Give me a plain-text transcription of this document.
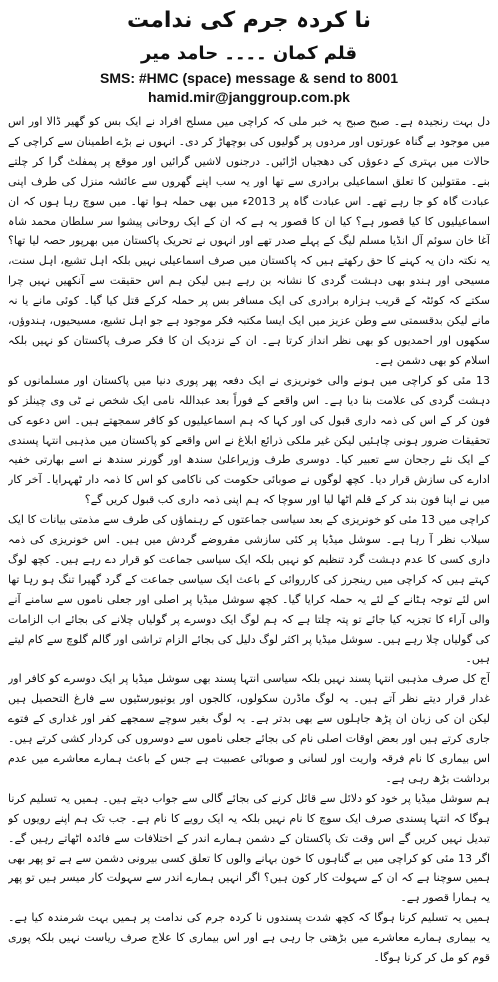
نا کردہ جرم کی ندامت
قلم کمان ۔۔۔۔ حامد میر
SMS: #HMC (space) message & send to 8001
hamid.mir@janggroup.com.pk

دل بہت رنجیدہ ہے۔ صبح صبح یہ خبر ملی کہ کراچی میں مسلح افراد نے ایک بس کو گھیر ڈالا اور اس میں موجود بے گناہ عورتوں اور مردوں پر گولیوں کی بوچھاڑ کر دی۔ انہوں نے بڑے اطمینان سے کراچی کے حالات میں بہتری کے دعوؤں کی دھجیاں اڑائیں۔ درجنوں لاشیں گرائیں اور موقع پر پمفلٹ گرا کر چلتے بنے۔ مقتولین کا تعلق اسماعیلی برادری سے تھا اور یہ سب اپنے گھروں سے عائشہ منزل کی طرف اپنی عبادت گاہ کو جا رہے تھے۔ اس عبادت گاہ پر 2013ء میں بھی حملہ ہوا تھا۔ میں سوچ رہا ہوں کہ ان اسماعیلیوں کا کیا قصور ہے؟ کیا ان کا قصور یہ ہے کہ ان کے ایک روحانی پیشوا سر سلطان محمد شاہ آغا خان سوئم آل انڈیا مسلم لیگ کے پہلے صدر تھے اور انہوں نے تحریک پاکستان میں بھرپور حصہ لیا تھا؟ یہ نکتہ دان یہ کہنے کا حق رکھتے ہیں کہ پاکستان میں صرف اسماعیلی نہیں بلکہ اہل تشیع، اہل سنت، مسیحی اور ہندو بھی دہشت گردی کا نشانہ بن رہے ہیں لیکن ہم اس حقیقت سے آنکھیں نہیں چرا سکتے کہ کوئٹہ کے قریب ہزارہ برادری کی ایک مسافر بس پر حملہ کرکے قتل کیا گیا۔ کوئی مانے یا نہ مانے لیکن بدقسمتی سے وطن عزیز میں ایک ایسا مکتبہ فکر موجود ہے جو اہل تشیع، مسیحیوں، ہندوؤں، سکھوں اور احمدیوں کو بھی نظر انداز کرتا ہے۔ ان کے نزدیک ان کا فکر صرف پاکستان کو نہیں بلکہ اسلام کو بھی دشمن ہے۔

13 مئی کو کراچی میں ہونے والی خونریزی نے ایک دفعہ پھر پوری دنیا میں پاکستان اور مسلمانوں کو دہشت گردی کی علامت بنا دیا ہے۔ اس واقعے کے فوراً بعد عبداللہ نامی ایک شخص نے ٹی وی چینلز کو فون کر کے اس کی ذمہ داری قبول کی اور کہا کہ ہم اسماعیلیوں کو کافر سمجھتے ہیں۔ اس دعوے کی تحقیقات ضرور ہونی چاہئیں لیکن غیر ملکی ذرائع ابلاغ نے اس واقعے کو پاکستان میں مذہبی انتہا پسندی کے ایک نئے رجحان سے تعبیر کیا۔ دوسری طرف وزیراعلیٰ سندھ اور گورنر سندھ نے اسے بھارتی خفیہ ادارے کی سازش قرار دیا۔ کچھ لوگوں نے صوبائی حکومت کی ناکامی کو اس کا ذمہ دار ٹھہرایا۔ آخر کار میں نے اپنا فون بند کر کے قلم اٹھا لیا اور سوچا کہ ہم اپنی ذمہ داری کب قبول کریں گے؟

کراچی میں 13 مئی کو خونریزی کے بعد سیاسی جماعتوں کے رہنماؤں کی طرف سے مذمتی بیانات کا ایک سیلاب نظر آ رہا ہے۔ سوشل میڈیا پر کئی سازشی مفروضے گردش میں ہیں۔ اس خونریزی کی ذمہ داری کسی کا عدم دہشت گرد تنظیم کو نہیں بلکہ ایک سیاسی جماعت کو قرار دے رہے ہیں۔ کچھ لوگ کہتے ہیں کہ کراچی میں رینجرز کی کارروائی کے باعث ایک سیاسی جماعت کے گرد گھیرا تنگ ہو رہا تھا اس لئے توجہ ہٹانے کے لئے یہ حملہ کرایا گیا۔ کچھ سوشل میڈیا پر اصلی اور جعلی ناموں سے سامنے آنے والی آراء کا تجزیہ کیا جائے تو پتہ چلتا ہے کہ ہم لوگ ایک دوسرے پر گولیاں چلانے کی بجائے اب الزامات کی گولیاں چلا رہے ہیں۔ سوشل میڈیا پر اکثر لوگ دلیل کی بجائے الزام تراشی اور گالم گلوچ سے کام لیتے ہیں۔

آج کل صرف مذہبی انتہا پسند نہیں بلکہ سیاسی انتہا پسند بھی سوشل میڈیا پر ایک دوسرے کو کافر اور غدار قرار دیتے نظر آتے ہیں۔ یہ لوگ ماڈرن سکولوں، کالجوں اور یونیورسٹیوں سے فارغ التحصیل ہیں لیکن ان کی زبان ان پڑھ جاہلوں سے بھی بدتر ہے۔ یہ لوگ بغیر سوچے سمجھے کفر اور غداری کے فتوے جاری کرتے ہیں اور بعض اوقات اصلی نام کی بجائے جعلی ناموں سے دوسروں کی کردار کشی کرتے ہیں۔ اس بیماری کا نام فرقہ واریت اور لسانی و صوبائی عصبیت ہے جس کے باعث ہمارے معاشرے میں عدم برداشت بڑھ رہی ہے۔

ہم سوشل میڈیا پر خود کو دلائل سے قائل کرنے کی بجائے گالی سے جواب دیتے ہیں۔ ہمیں یہ تسلیم کرنا ہوگا کہ انتہا پسندی صرف ایک سوچ کا نام نہیں بلکہ یہ ایک رویے کا نام ہے۔ جب تک ہم اپنے رویوں کو تبدیل نہیں کریں گے اس وقت تک پاکستان کے دشمن ہمارے اندر کے اختلافات سے فائدہ اٹھاتے رہیں گے۔ اگر 13 مئی کو کراچی میں بے گناہوں کا خون بہانے والوں کا تعلق کسی بیرونی دشمن سے ہے تو پھر بھی ہمیں سوچنا ہے کہ ان کے سہولت کار کون ہیں؟ اگر انہیں ہمارے اندر سے سہولت کار میسر ہیں تو پھر یہ ہمارا قصور ہے۔

ہمیں یہ تسلیم کرنا ہوگا کہ کچھ شدت پسندوں نا کردہ جرم کی ندامت پر ہمیں بہت شرمندہ کیا ہے۔ یہ بیماری ہمارے معاشرے میں بڑھتی جا رہی ہے اور اس بیماری کا علاج صرف ریاست نہیں بلکہ پوری قوم کو مل کر کرنا ہوگا۔
